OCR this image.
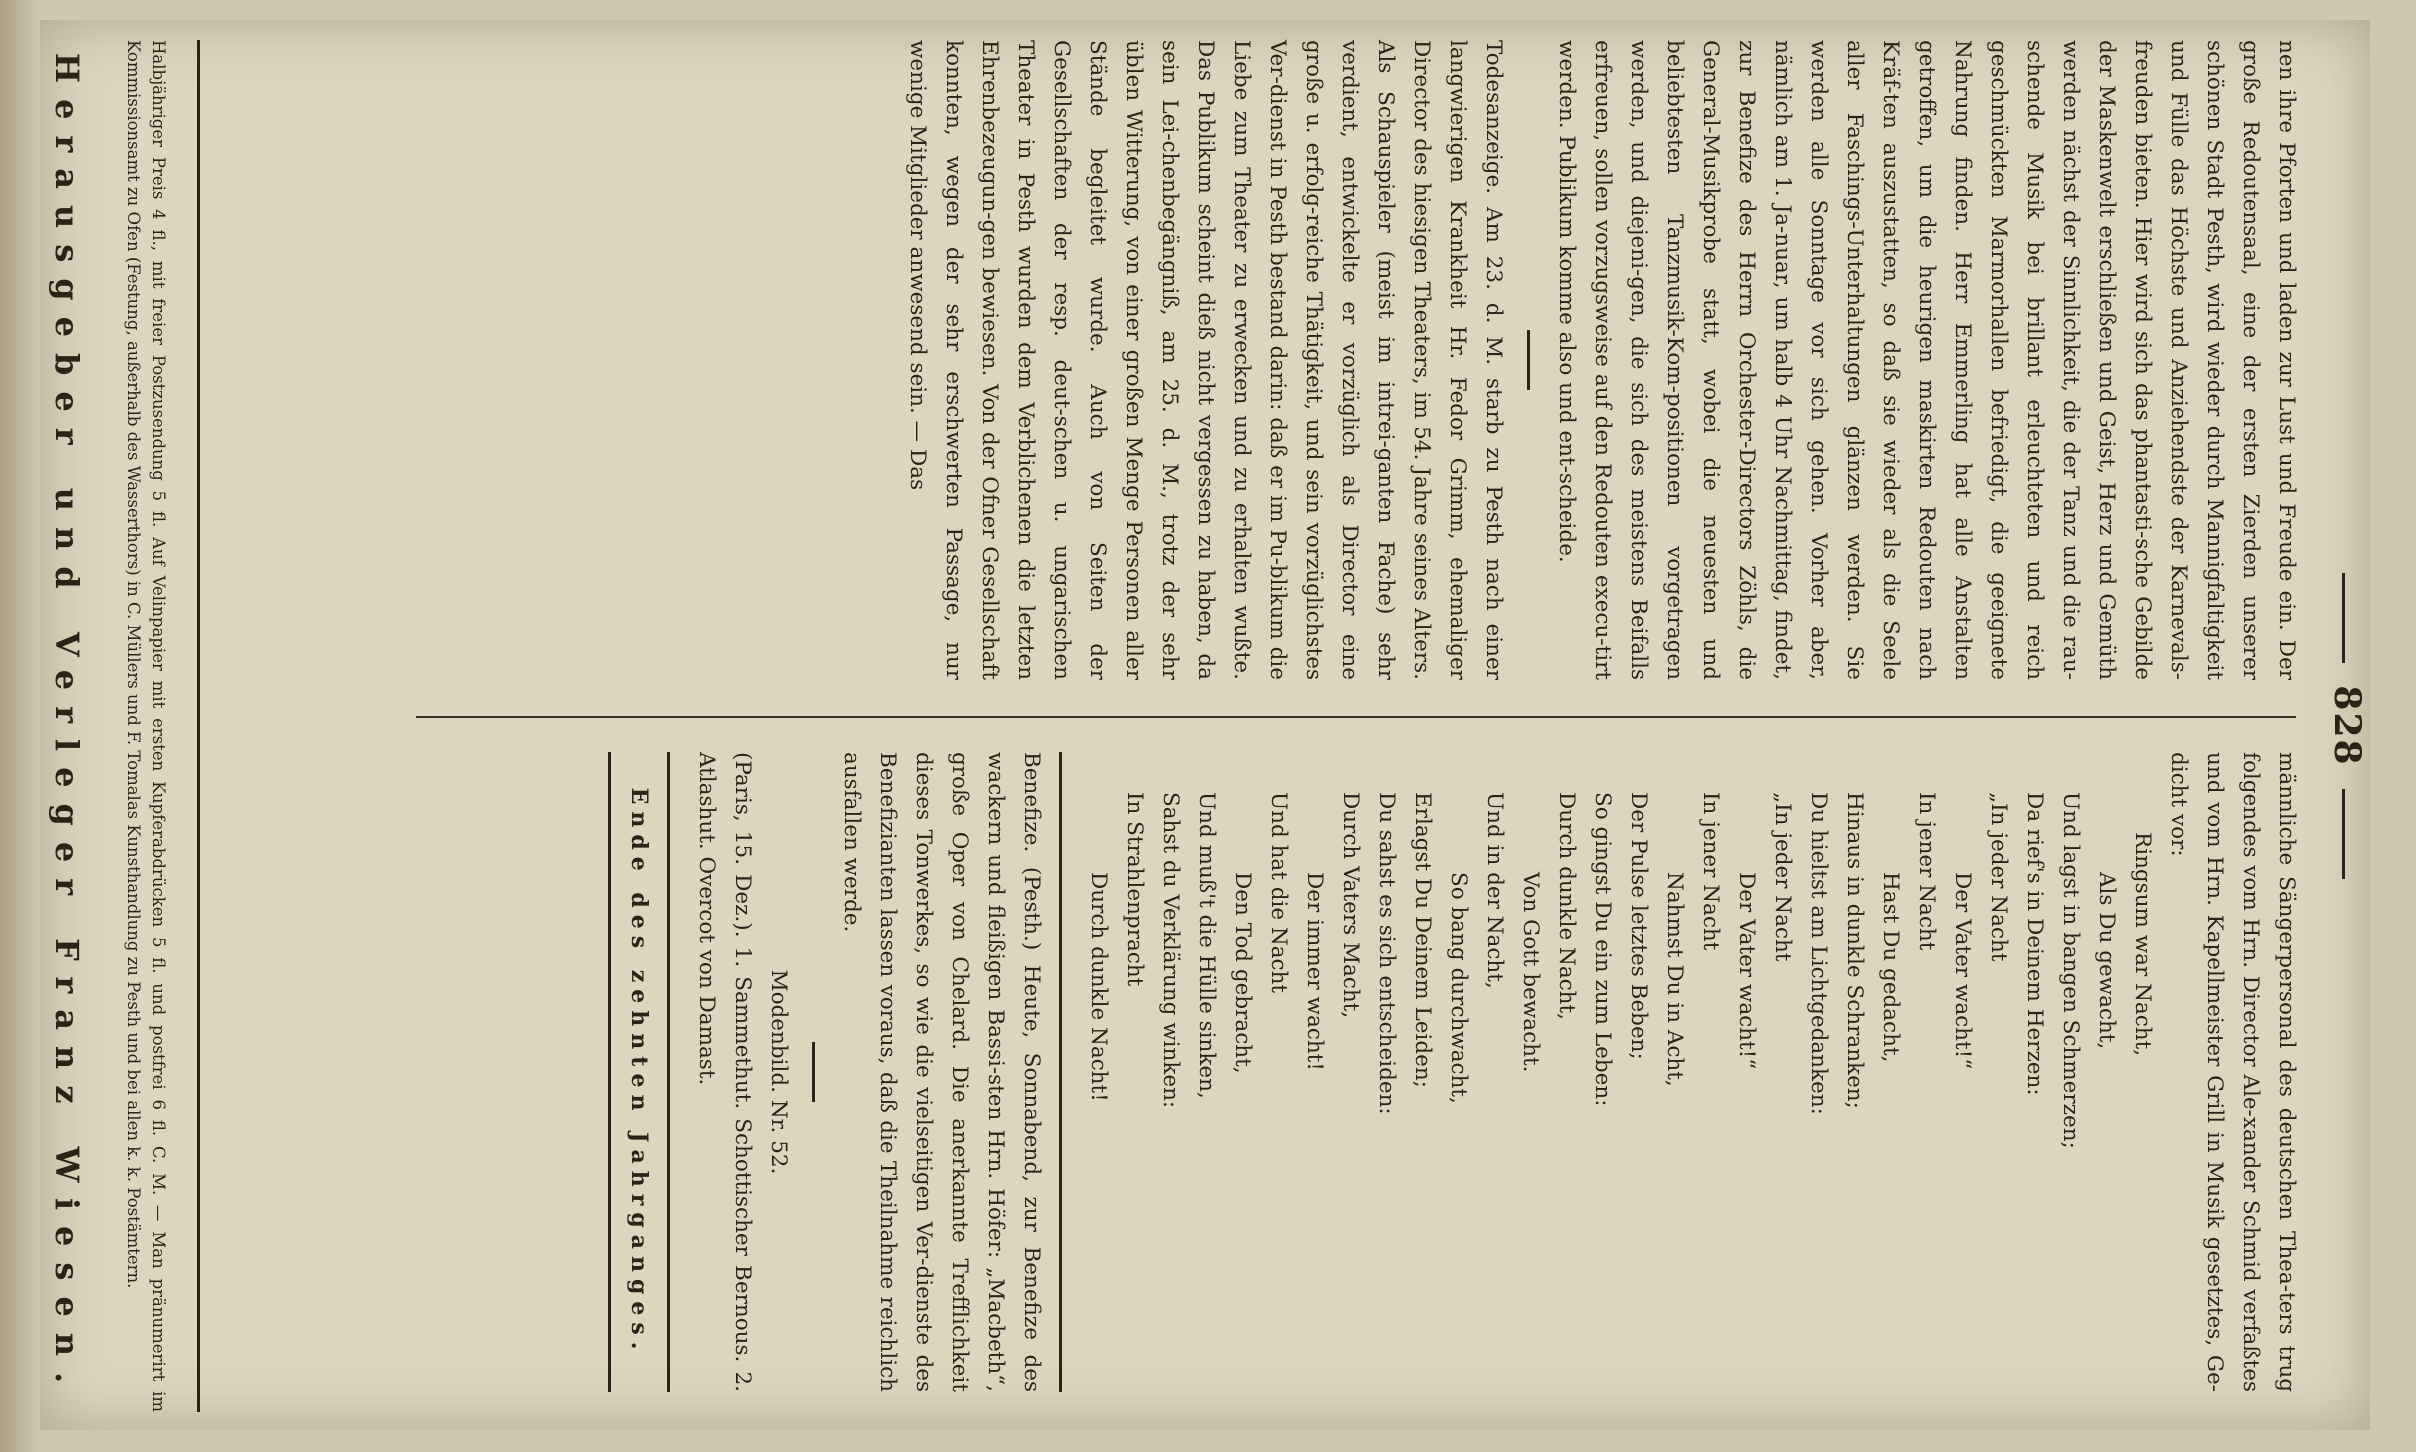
828

nen ihre Pforten und laden zur Lust und Freude ein. Der große Redoutensaal, eine der ersten Zierden unserer schönen Stadt Pesth, wird wieder durch Mannigfaltigkeit und Fülle das Höchste und Anziehendste der Karnevals-freuden bieten. Hier wird sich das phantasti-sche Gebilde der Maskenwelt erschließen und Geist, Herz und Gemüth werden nächst der Sinnlichkeit, die der Tanz und die rau-schende Musik bei brillant erleuchteten und reich geschmückten Marmorhallen befriedigt, die geeignete Nahrung finden. Herr Emmerling hat alle Anstalten getroffen, um die heurigen maskirten Redouten nach Kräf-ten auszustatten, so daß sie wieder als die Seele aller Faschings-Unterhaltungen glänzen werden. Sie werden alle Sonntage vor sich gehen. Vorher aber, nämlich am 1. Ja-nuar, um halb 4 Uhr Nachmittag, findet, zur Benefize des Herrn Orchester-Directors Zöhls, die General-Musikprobe statt, wobei die neuesten und beliebtesten Tanzmusik-Kom-positionen vorgetragen werden, und diejeni-gen, die sich des meistens Beifalls erfreuen, sollen vorzugsweise auf den Redouten execu-tirt werden. Publikum komme also und ent-scheide.

Todesanzeige. Am 23. d. M. starb zu Pesth nach einer langwierigen Krankheit Hr. Fedor Grimm, ehemaliger Director des hiesigen Theaters, im 54. Jahre seines Alters. Als Schauspieler (meist im intrei-ganten Fache) sehr verdient, entwickelte er vorzüglich als Director eine große u. erfolg-reiche Thätigkeit, und sein vorzüglichstes Ver-dienst in Pesth bestand darin: daß er im Pu-blikum die Liebe zum Theater zu erwecken und zu erhalten wußte. Das Publikum scheint dieß nicht vergessen zu haben, da sein Lei-chenbegängniß, am 25. d. M., trotz der sehr üblen Witterung, von einer großen Menge Personen aller Stände begleitet wurde. Auch von Seiten der Gesellschaften der resp. deut-schen u. ungarischen Theater in Pesth wurden dem Verblichenen die letzten Ehrenbezeugun-gen bewiesen. Von der Ofner Gesellschaft konnten, wegen der sehr erschwerten Passage, nur wenige Mitglieder anwesend sein. — Das

männliche Sängerpersonal des deutschen Thea-ters trug folgendes vom Hrn. Director Ale-xander Schmid verfaßtes und vom Hrn. Kapellmeister Grill in Musik gesetztes, Ge-dicht vor:

Ringsum war Nacht,
Als Du gewacht,
Und lagst in bangen Schmerzen;
Da rief's in Deinem Herzen:
„In jeder Nacht
Der Vater wacht!“
In jener Nacht
Hast Du gedacht,
Hinaus in dunkle Schranken;
Du hieltst am Lichtgedanken:
„In jeder Nacht
Der Vater wacht!“
In jener Nacht
Nahmst Du in Acht,
Der Pulse letztes Beben;
So gingst Du ein zum Leben:
Durch dunkle Nacht,
Von Gott bewacht.
Und in der Nacht,
So bang durchwacht,
Erlagst Du Deinem Leiden;
Du sahst es sich entscheiden:
Durch Vaters Macht,
Der immer wacht!
Und hat die Nacht
Den Tod gebracht,
Und muß't die Hülle sinken,
Sahst du Verklärung winken:
In Strahlenpracht
Durch dunkle Nacht!

Benefize. (Pesth.) Heute, Sonnabend, zur Benefize des wackern und fleißigen Bassi-sten Hrn. Höfer: „Macbeth“, große Oper von Chelard. Die anerkannte Trefflichkeit dieses Tonwerkes, so wie die vielseitigen Ver-dienste des Benefizianten lassen voraus, daß die Theilnahme reichlich ausfallen werde.

Modenbild. Nr. 52.

(Paris, 15. Dez.). 1. Sammethut. Schottischer Bernous. 2. Atlashut. Overcot von Damast.

Ende des zehnten Jahrganges.

Halbjähriger Preis 4 fl., mit freier Postzusendung 5 fl. Auf Velinpapier mit ersten Kupferabdrücken 5 fl. und postfrei 6 fl. C. M. — Man pränumerirt im Kommissionsamt zu Ofen (Festung, außerhalb des Wasserthors) in C. Müllers und F. Tomalas Kunsthandlung zu Pesth und bei allen k. k. Postämtern.

Herausgeber und Verleger Franz Wiesen.
